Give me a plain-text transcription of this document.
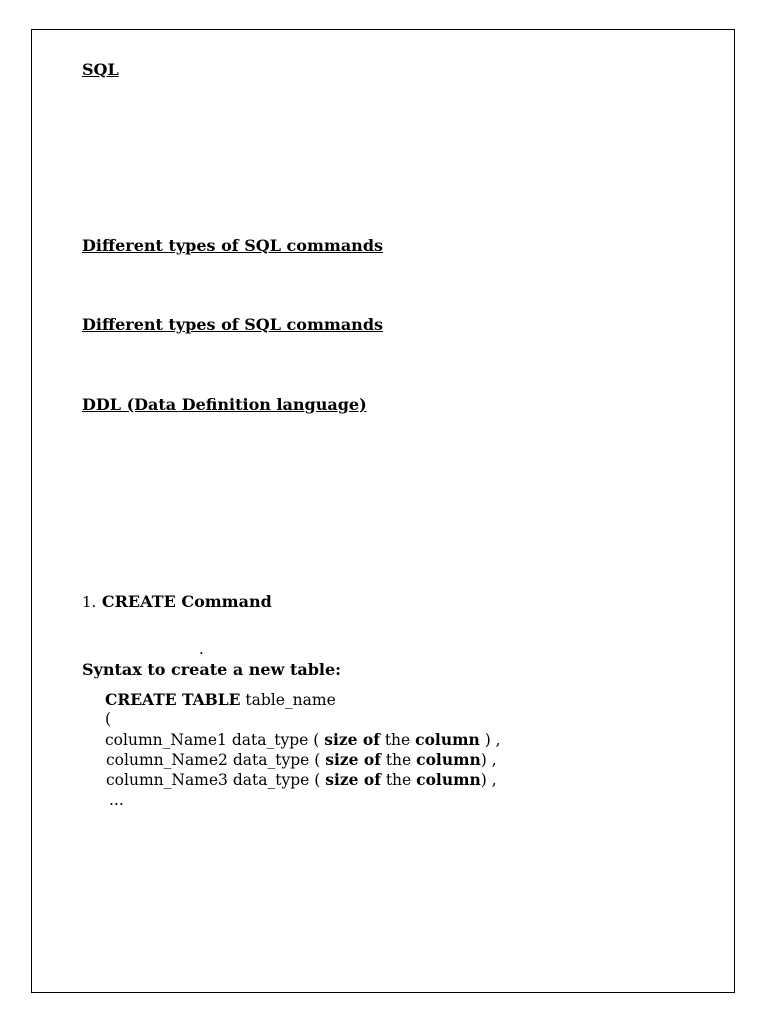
SQL

Different types of SQL commands

Different types of SQL commands

DDL (Data Definition language)

1. CREATE Command

.

Syntax to create a new table:

CREATE TABLE table_name

(

column_Name1 data_type ( size of the column ) ,

column_Name2 data_type ( size of the column) ,

column_Name3 data_type ( size of the column) ,

...
